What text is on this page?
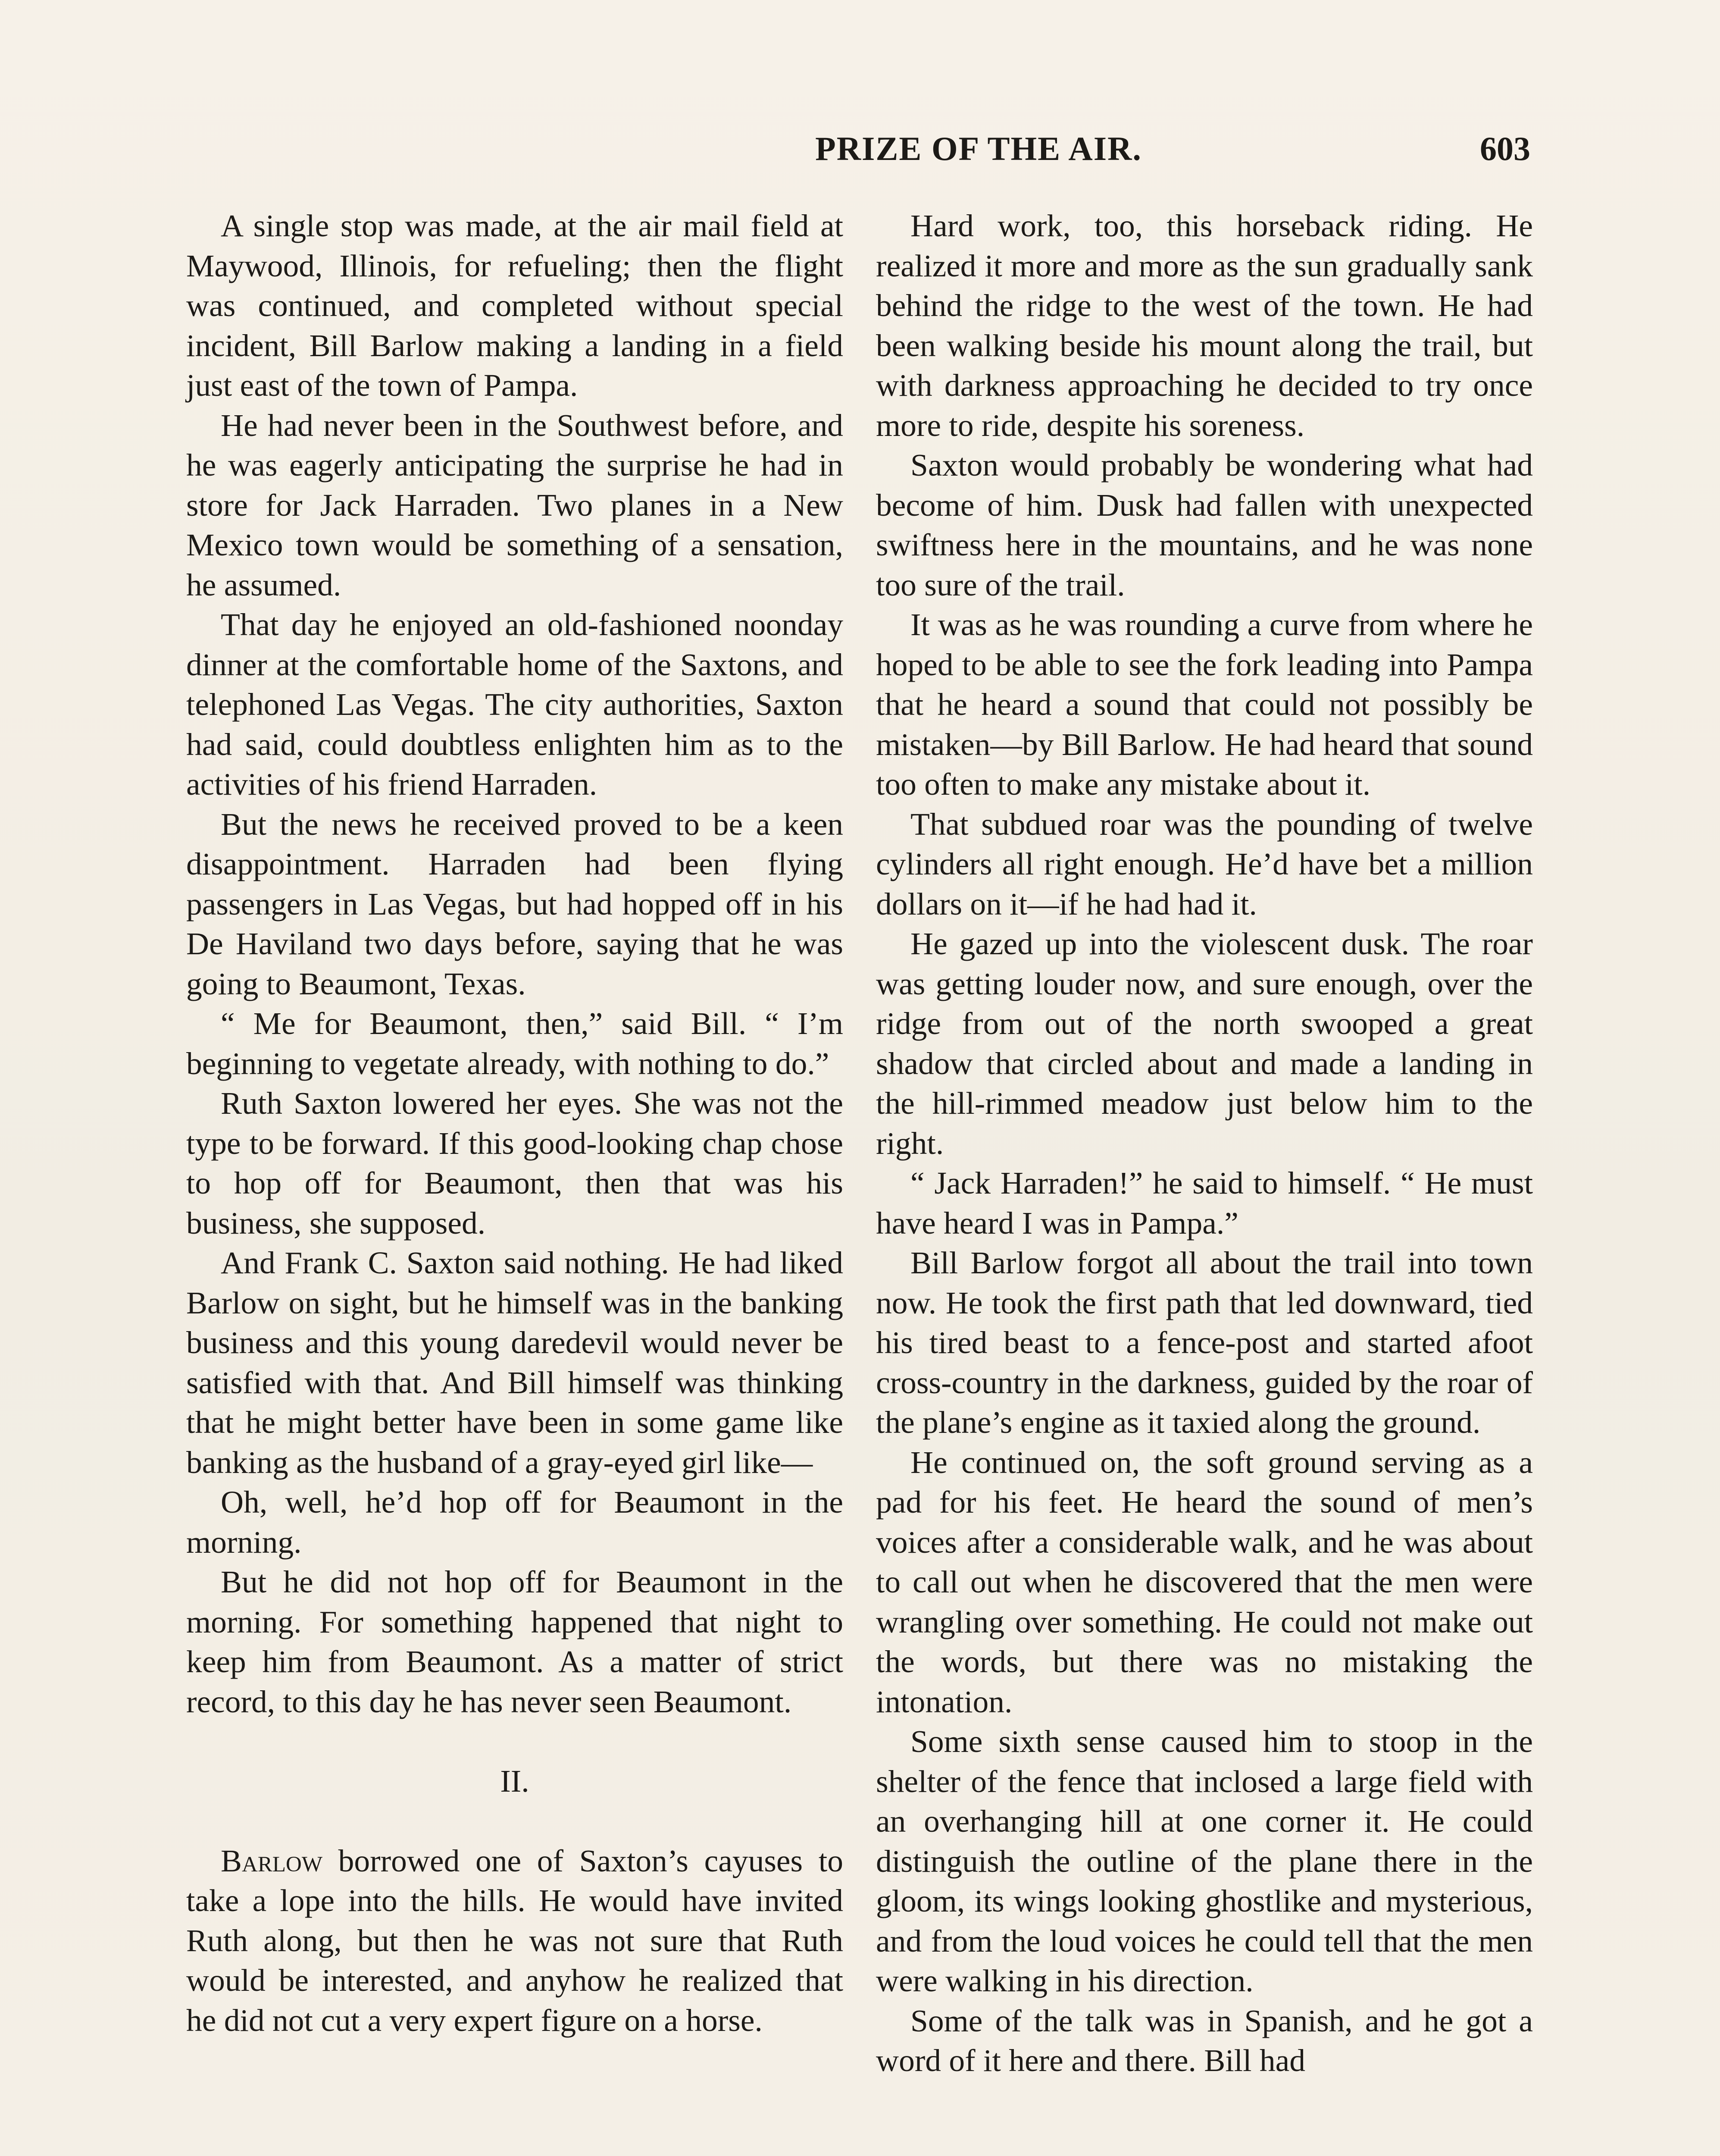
PRIZE OF THE AIR.	603

A single stop was made, at the air mail field at Maywood, Illinois, for refueling; then the flight was continued, and completed without special incident, Bill Barlow making a landing in a field just east of the town of Pampa.

He had never been in the Southwest before, and he was eagerly anticipating the surprise he had in store for Jack Harraden. Two planes in a New Mexico town would be something of a sensation, he assumed.

That day he enjoyed an old-fashioned noonday dinner at the comfortable home of the Saxtons, and telephoned Las Vegas. The city authorities, Saxton had said, could doubtless enlighten him as to the activities of his friend Harraden.

But the news he received proved to be a keen disappointment. Harraden had been flying passengers in Las Vegas, but had hopped off in his De Haviland two days before, saying that he was going to Beaumont, Texas.

“ Me for Beaumont, then,” said Bill. “ I’m beginning to vegetate already, with nothing to do.”

Ruth Saxton lowered her eyes. She was not the type to be forward. If this good-looking chap chose to hop off for Beaumont, then that was his business, she supposed.

And Frank C. Saxton said nothing. He had liked Barlow on sight, but he himself was in the banking business and this young daredevil would never be satisfied with that. And Bill himself was thinking that he might better have been in some game like banking as the husband of a gray-eyed girl like—

Oh, well, he’d hop off for Beaumont in the morning.

But he did not hop off for Beaumont in the morning. For something happened that night to keep him from Beaumont. As a matter of strict record, to this day he has never seen Beaumont.

II.

Barlow borrowed one of Saxton’s cayuses to take a lope into the hills. He would have invited Ruth along, but then he was not sure that Ruth would be interested, and anyhow he realized that he did not cut a very expert figure on a horse.

Hard work, too, this horseback riding. He realized it more and more as the sun gradually sank behind the ridge to the west of the town. He had been walking beside his mount along the trail, but with darkness approaching he decided to try once more to ride, despite his soreness.

Saxton would probably be wondering what had become of him. Dusk had fallen with unexpected swiftness here in the mountains, and he was none too sure of the trail.

It was as he was rounding a curve from where he hoped to be able to see the fork leading into Pampa that he heard a sound that could not possibly be mistaken—by Bill Barlow. He had heard that sound too often to make any mistake about it.

That subdued roar was the pounding of twelve cylinders all right enough. He’d have bet a million dollars on it—if he had had it.

He gazed up into the violescent dusk. The roar was getting louder now, and sure enough, over the ridge from out of the north swooped a great shadow that circled about and made a landing in the hill-rimmed meadow just below him to the right.

“ Jack Harraden!” he said to himself. “ He must have heard I was in Pampa.”

Bill Barlow forgot all about the trail into town now. He took the first path that led downward, tied his tired beast to a fence-post and started afoot cross-country in the darkness, guided by the roar of the plane’s engine as it taxied along the ground.

He continued on, the soft ground serving as a pad for his feet. He heard the sound of men’s voices after a considerable walk, and he was about to call out when he discovered that the men were wrangling over something. He could not make out the words, but there was no mistaking the intonation.

Some sixth sense caused him to stoop in the shelter of the fence that inclosed a large field with an overhanging hill at one corner it. He could distinguish the outline of the plane there in the gloom, its wings looking ghostlike and mysterious, and from the loud voices he could tell that the men were walking in his direction.

Some of the talk was in Spanish, and he got a word of it here and there. Bill had
